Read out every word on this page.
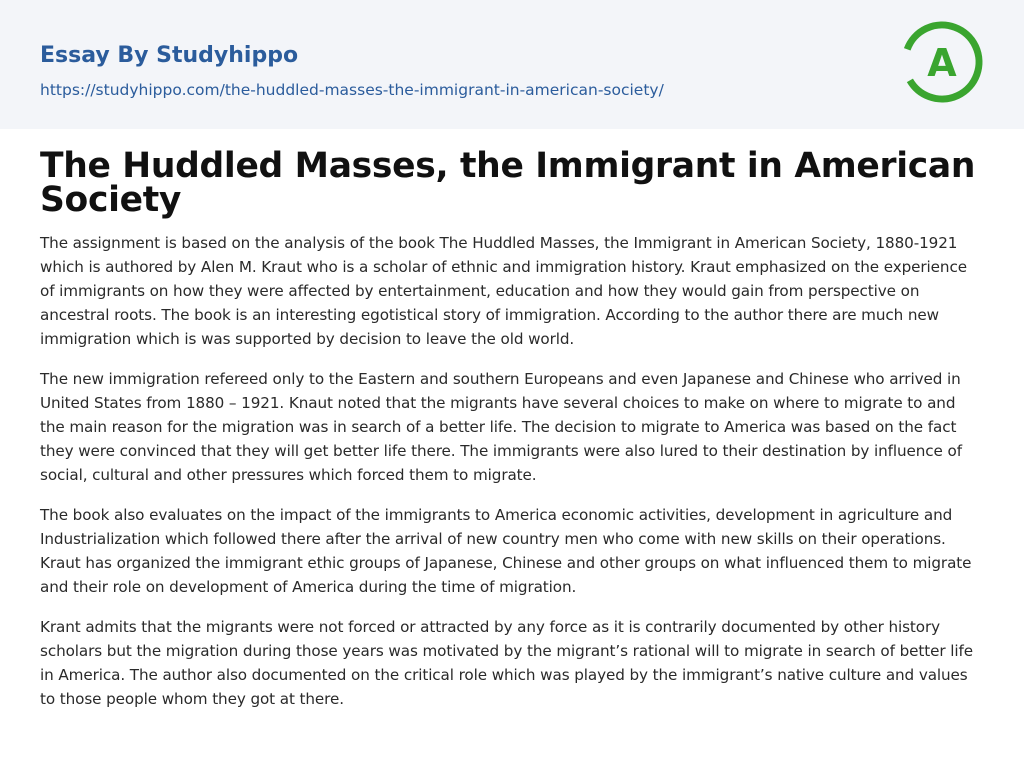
Essay By Studyhippo
https://studyhippo.com/the-huddled-masses-the-immigrant-in-american-society/
A
The Huddled Masses, the Immigrant in American Society

The assignment is based on the analysis of the book The Huddled Masses, the Immigrant in American Society, 1880-1921 which is authored by Alen M. Kraut who is a scholar of ethnic and immigration history. Kraut emphasized on the experience of immigrants on how they were affected by entertainment, education and how they would gain from perspective on ancestral roots. The book is an interesting egotistical story of immigration. According to the author there are much new immigration which is was supported by decision to leave the old world.

The new immigration refereed only to the Eastern and southern Europeans and even Japanese and Chinese who arrived in United States from 1880 – 1921. Knaut noted that the migrants have several choices to make on where to migrate to and the main reason for the migration was in search of a better life. The decision to migrate to America was based on the fact they were convinced that they will get better life there. The immigrants were also lured to their destination by influence of social, cultural and other pressures which forced them to migrate.

The book also evaluates on the impact of the immigrants to America economic activities, development in agriculture and Industrialization which followed there after the arrival of new country men who come with new skills on their operations. Kraut has organized the immigrant ethic groups of Japanese, Chinese and other groups on what influenced them to migrate and their role on development of America during the time of migration.

Krant admits that the migrants were not forced or attracted by any force as it is contrarily documented by other history scholars but the migration during those years was motivated by the migrant’s rational will to migrate in search of better life in America. The author also documented on the critical role which was played by the immigrant’s native culture and values to those people whom they got at there.
